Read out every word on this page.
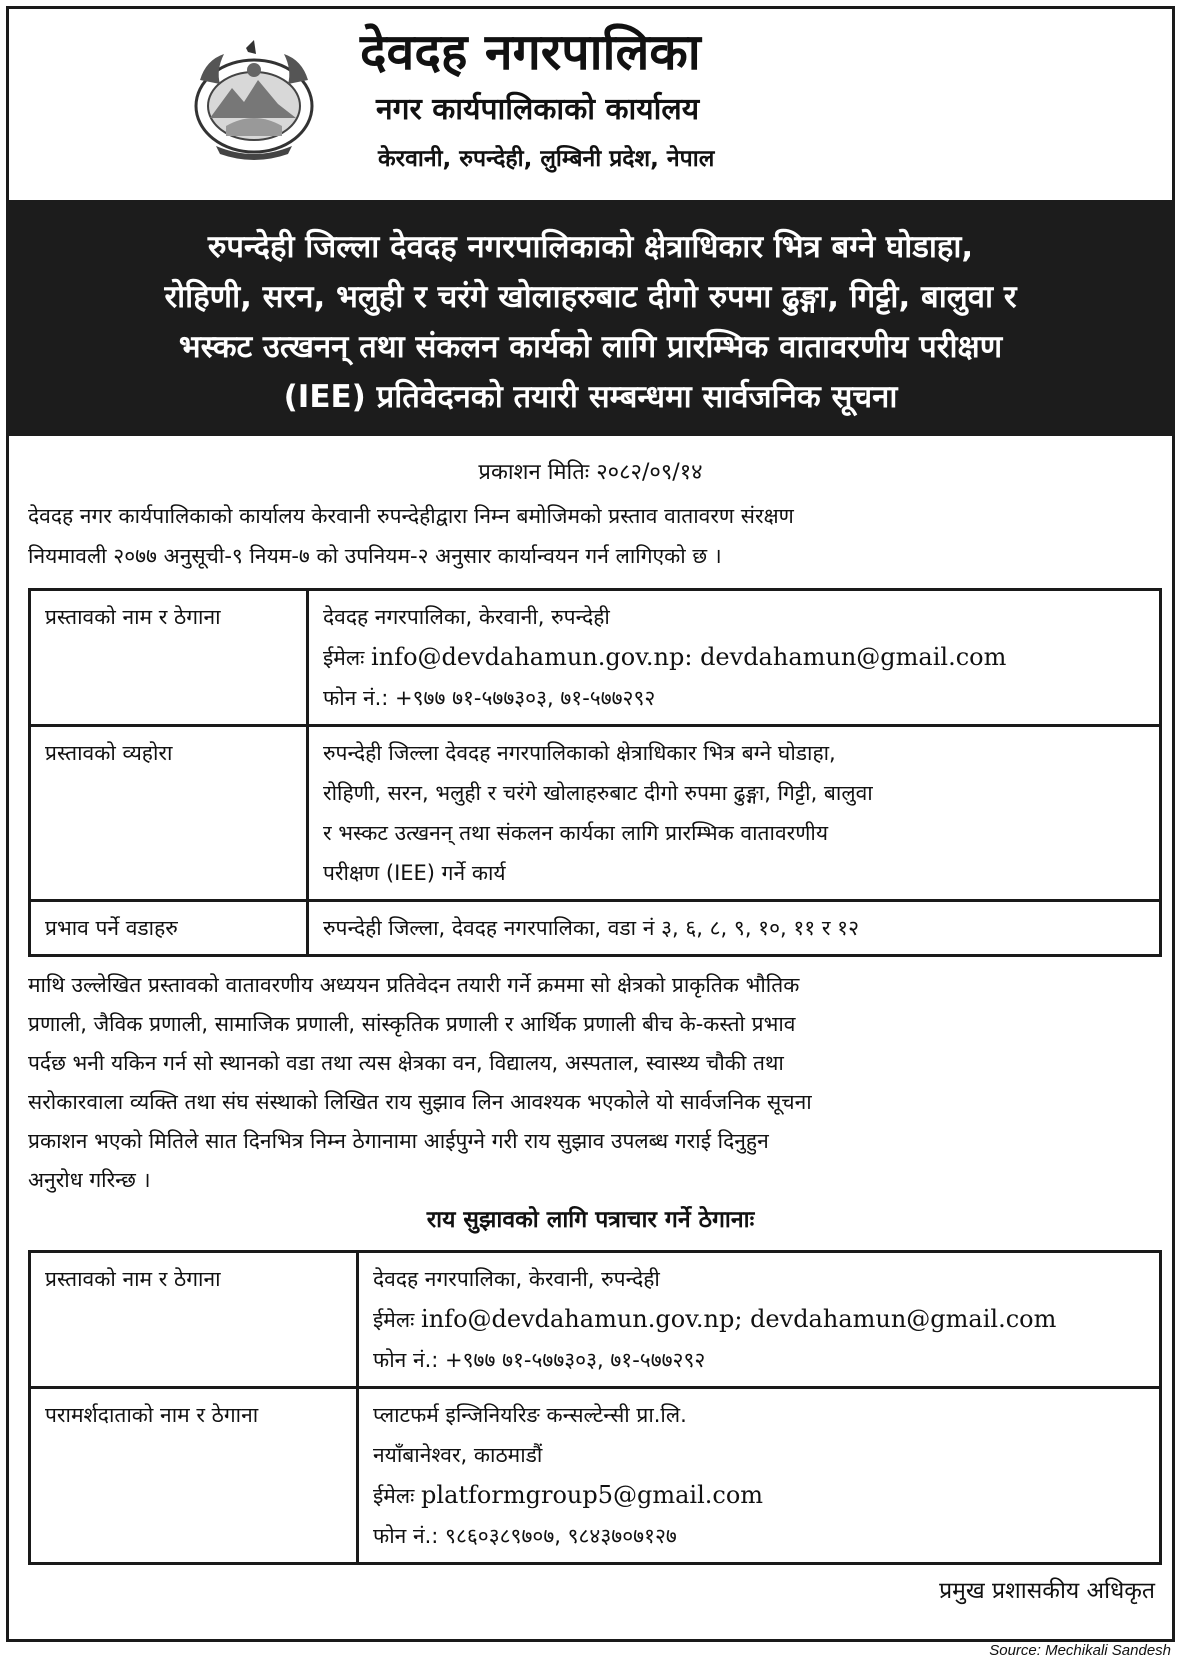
देवदह नगरपालिका
नगर कार्यपालिकाको कार्यालय
केरवानी, रुपन्देही, लुम्बिनी प्रदेश, नेपाल
रुपन्देही जिल्ला देवदह नगरपालिकाको क्षेत्राधिकार भित्र बग्ने घोडाहा,
रोहिणी, सरन, भलुही र चरंगे खोलाहरुबाट दीगो रुपमा ढुङ्गा, गिट्टी, बालुवा र
भस्कट उत्खनन् तथा संकलन कार्यको लागि प्रारम्भिक वातावरणीय परीक्षण
(IEE) प्रतिवेदनको तयारी सम्बन्धमा सार्वजनिक सूचना
प्रकाशन मितिः २०८२/०९/१४
देवदह नगर कार्यपालिकाको कार्यालय केरवानी रुपन्देहीद्वारा निम्न बमोजिमको प्रस्ताव वातावरण संरक्षण
नियमावली २०७७ अनुसूची-९ नियम-७ को उपनियम-२ अनुसार कार्यान्वयन गर्न लागिएको छ ।
प्रस्तावको नाम र ठेगाना	देवदह नगरपालिका, केरवानी, रुपन्देही
ईमेलः info@devdahamun.gov.np: devdahamun@gmail.com
फोन नं.: +९७७ ७१-५७७३०३, ७१-५७७२९२

प्रस्तावको व्यहोरा	रुपन्देही जिल्ला देवदह नगरपालिकाको क्षेत्राधिकार भित्र बग्ने घोडाहा,
रोहिणी, सरन, भलुही र चरंगे खोलाहरुबाट दीगो रुपमा ढुङ्गा, गिट्टी, बालुवा
र भस्कट उत्खनन् तथा संकलन कार्यका लागि प्रारम्भिक वातावरणीय
परीक्षण (IEE) गर्ने कार्य

प्रभाव पर्ने वडाहरु	रुपन्देही जिल्ला, देवदह नगरपालिका, वडा नं ३, ६, ८, ९, १०, ११ र १२
माथि उल्लेखित प्रस्तावको वातावरणीय अध्ययन प्रतिवेदन तयारी गर्ने क्रममा सो क्षेत्रको प्राकृतिक भौतिक
प्रणाली, जैविक प्रणाली, सामाजिक प्रणाली, सांस्कृतिक प्रणाली र आर्थिक प्रणाली बीच के-कस्तो प्रभाव
पर्दछ भनी यकिन गर्न सो स्थानको वडा तथा त्यस क्षेत्रका वन, विद्यालय, अस्पताल, स्वास्थ्य चौकी तथा
सरोकारवाला व्यक्ति तथा संघ संस्थाको लिखित राय सुझाव लिन आवश्यक भएकोले यो सार्वजनिक सूचना
प्रकाशन भएको मितिले सात दिनभित्र निम्न ठेगानामा आईपुग्ने गरी राय सुझाव उपलब्ध गराई दिनुहुन
अनुरोध गरिन्छ ।
राय सुझावको लागि पत्राचार गर्ने ठेगानाः
प्रस्तावको नाम र ठेगाना	देवदह नगरपालिका, केरवानी, रुपन्देही
ईमेलः info@devdahamun.gov.np; devdahamun@gmail.com
फोन नं.: +९७७ ७१-५७७३०३, ७१-५७७२९२

परामर्शदाताको नाम र ठेगाना	प्लाटफर्म इन्जिनियरिङ कन्सल्टेन्सी प्रा.लि.
नयाँबानेश्वर, काठमाडौं
ईमेलः platformgroup5@gmail.com
फोन नं.: ९८६०३८९७०७, ९८४३७०७१२७
प्रमुख प्रशासकीय अधिकृत
Source: Mechikali Sandesh
